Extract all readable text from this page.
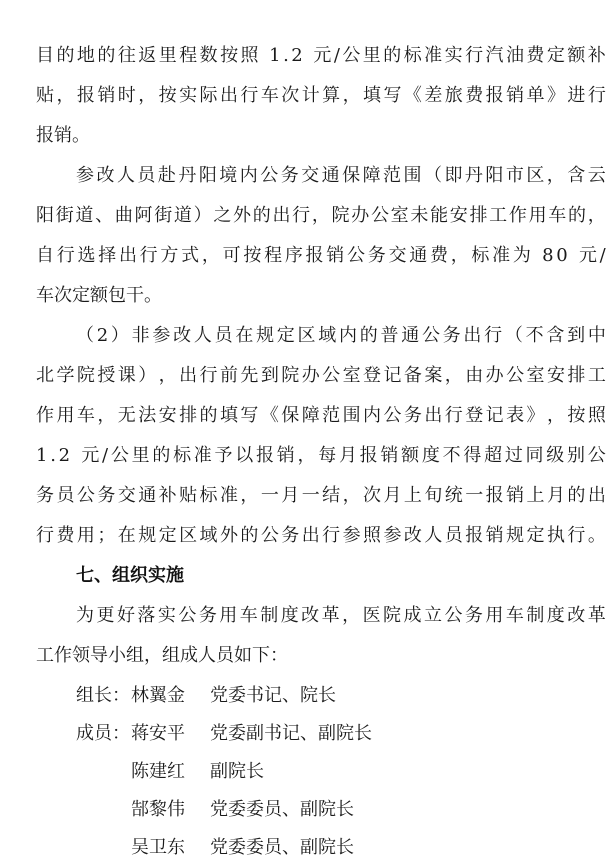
目 的 地 的 往 返 里 程 数 按 照
1 . 2
元 / 公 里 的 标 准 实 行 汽 油 费 定 额 补
贴 ， 报 销 时 ， 按 实 际 出 行 车 次 计 算 ， 填 写 《 差 旅 费 报 销 单 》 进 行
报销。
参 改 人 员 赴 丹 阳 境 内 公 务 交 通 保 障 范 围 （ 即 丹 阳 市 区 ， 含 云
阳 街 道 、 曲 阿 街 道 ） 之 外 的 出 行 ， 院 办 公 室 未 能 安 排 工 作 用 车 的 ，
自 行 选 择 出 行 方 式 ， 可 按 程 序 报 销 公 务 交 通 费 ， 标 准 为
8 0
元 /
车次定额包干。
（ 2 ） 非 参 改 人 员 在 规 定 区 域 内 的 普 通 公 务 出 行 （ 不 含 到 中
北 学 院 授 课 ） ， 出 行 前 先 到 院 办 公 室 登 记 备 案 ， 由 办 公 室 安 排 工
作 用 车 ， 无 法 安 排 的 填 写 《 保 障 范 围 内 公 务 出 行 登 记 表 》 ， 按 照
1 . 2
元 / 公 里 的 标 准 予 以 报 销 ， 每 月 报 销 额 度 不 得 超 过 同 级 别 公
务 员 公 务 交 通 补 贴 标 准 ， 一 月 一 结 ， 次 月 上 旬 统 一 报 销 上 月 的 出
行 费 用 ； 在 规 定 区 域 外 的 公 务 出 行 参 照 参 改 人 员 报 销 规 定 执 行 。
七、组织实施
为 更 好 落 实 公 务 用 车 制 度 改 革 ， 医 院 成 立 公 务 用 车 制 度 改 革
工作领导小组，组成人员如下：
组长： 林翼金 党委书记、院长
成员： 蒋安平 党委副书记、副院长
陈建红 副院长
郜黎伟 党委委员、副院长
吴卫东 党委委员、副院长
